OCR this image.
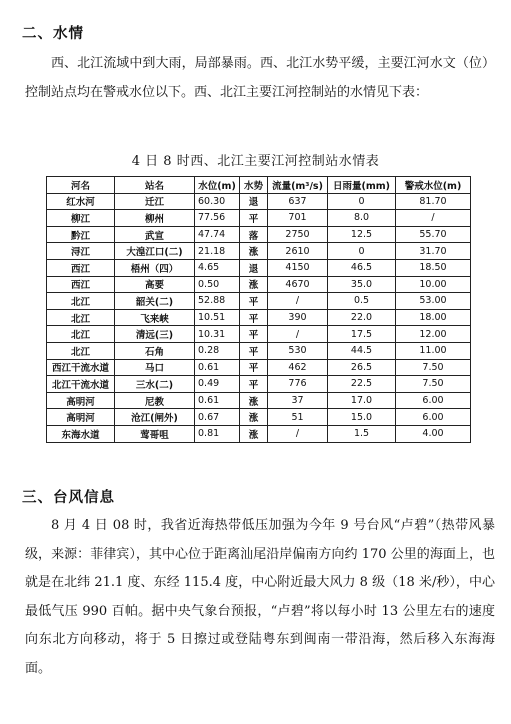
二、水情

西、北江流域中到大雨，局部暴雨。西、北江水势平缓，主要江河水文（位）控制站点均在警戒水位以下。西、北江主要江河控制站的水情见下表：

4 日 8 时西、北江主要江河控制站水情表
河名	站名	水位(m)	水势	流量(m³/s)	日雨量(mm)	警戒水位(m)
红水河	迁江	60.30	退	637	0	81.70
柳江	柳州	77.56	平	701	8.0	/
黔江	武宣	47.74	落	2750	12.5	55.70
浔江	大湟江口(二)	21.18	涨	2610	0	31.70
西江	梧州（四）	4.65	退	4150	46.5	18.50
西江	高要	0.50	涨	4670	35.0	10.00
北江	韶关(二)	52.88	平	/	0.5	53.00
北江	飞来峡	10.51	平	390	22.0	18.00
北江	清远(三)	10.31	平	/	17.5	12.00
北江	石角	0.28	平	530	44.5	11.00
西江干流水道	马口	0.61	平	462	26.5	7.50
北江干流水道	三水(二)	0.49	平	776	22.5	7.50
高明河	尼教	0.61	涨	37	17.0	6.00
高明河	沧江(闸外)	0.67	涨	51	15.0	6.00
东海水道	莺哥咀	0.81	涨	/	1.5	4.00
三、台风信息

8 月 4 日 08 时，我省近海热带低压加强为今年 9 号台风“卢碧”（热带风暴级，来源：菲律宾），其中心位于距离汕尾沿岸偏南方向约 170 公里的海面上，也就是在北纬 21.1 度、东经 115.4 度，中心附近最大风力 8 级（18 米/秒），中心最低气压 990 百帕。据中央气象台预报，“卢碧”将以每小时 13 公里左右的速度向东北方向移动，将于 5 日擦过或登陆粤东到闽南一带沿海，然后移入东海海面。
